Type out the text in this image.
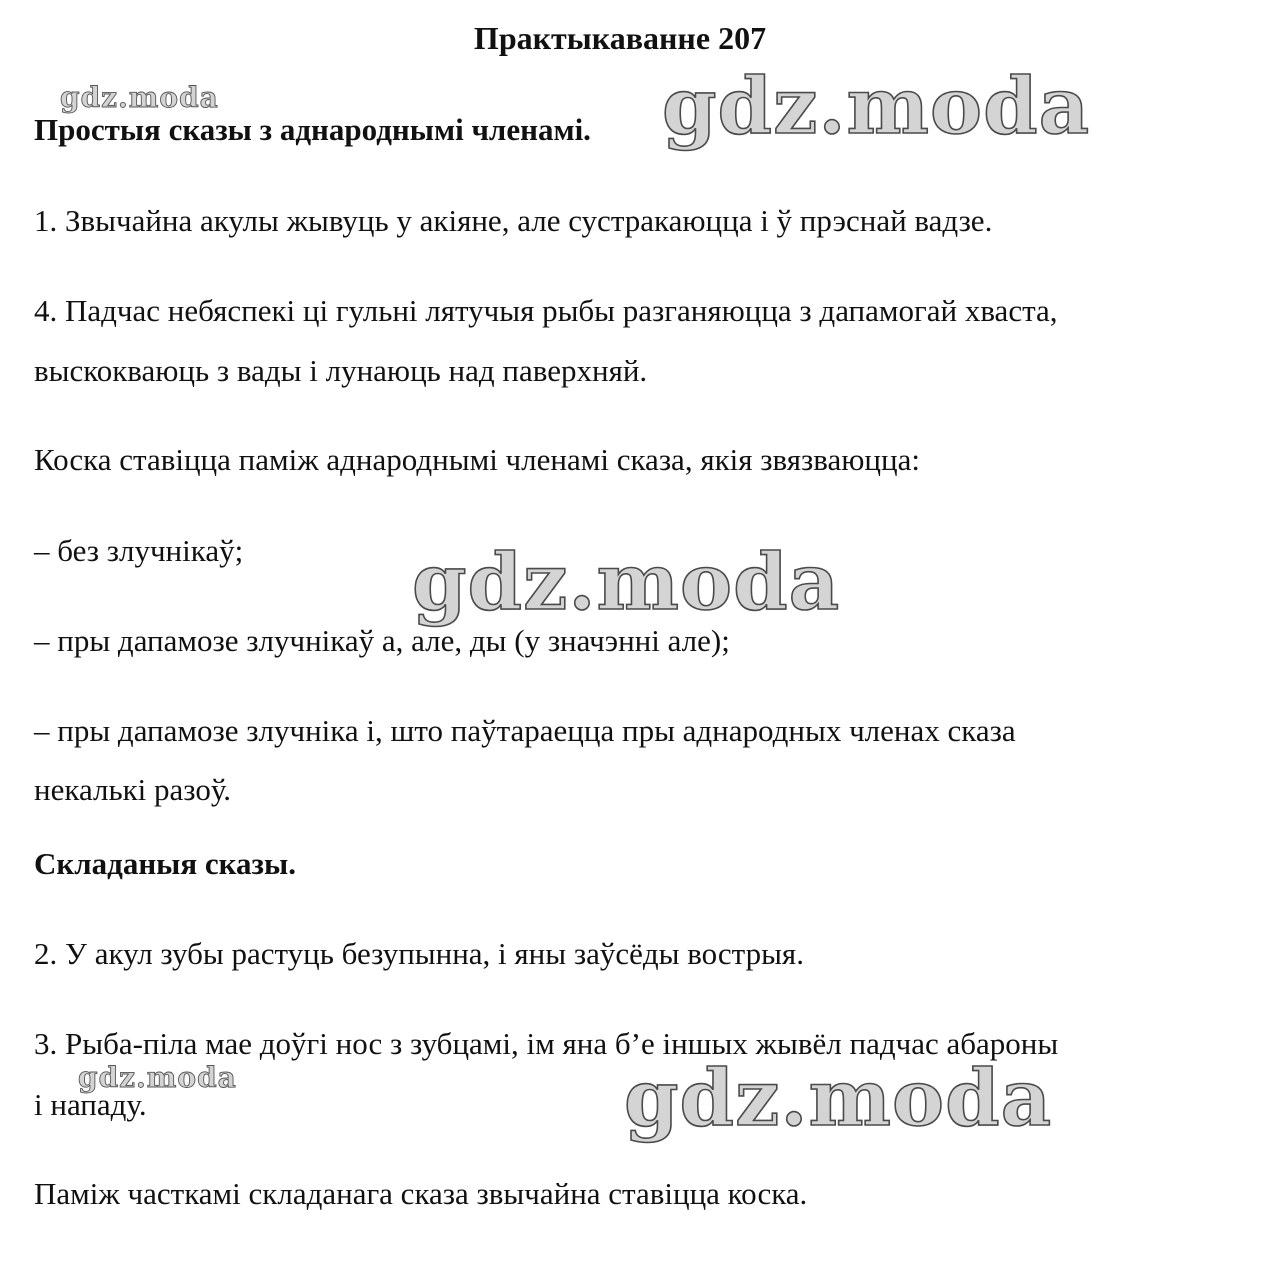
Практыкаванне 207
Простыя сказы з аднароднымі членамі.
1. Звычайна акулы жывуць у акіяне, але сустракаюцца і ў прэснай вадзе.
4. Падчас небяспекі ці гульні лятучыя рыбы разганяюцца з дапамогай хваста,
выскокваюць з вады і лунаюць над паверхняй.
Коска ставіцца паміж аднароднымі членамі сказа, якія звязваюцца:
– без злучнікаў;
– пры дапамозе злучнікаў а, але, ды (у значэнні але);
– пры дапамозе злучніка і, што паўтараецца пры аднародных членах сказа
некалькі разоў.
Складаныя сказы.
2. У акул зубы растуць безупынна, і яны заўсёды вострыя.
3. Рыба-піла мае доўгі нос з зубцамі, ім яна б’е іншых жывёл падчас абароны
і нападу.
Паміж часткамі складанага сказа звычайна ставіцца коска.
gdz.moda	gdz.moda
gdz.moda
gdz.moda	gdz.moda
